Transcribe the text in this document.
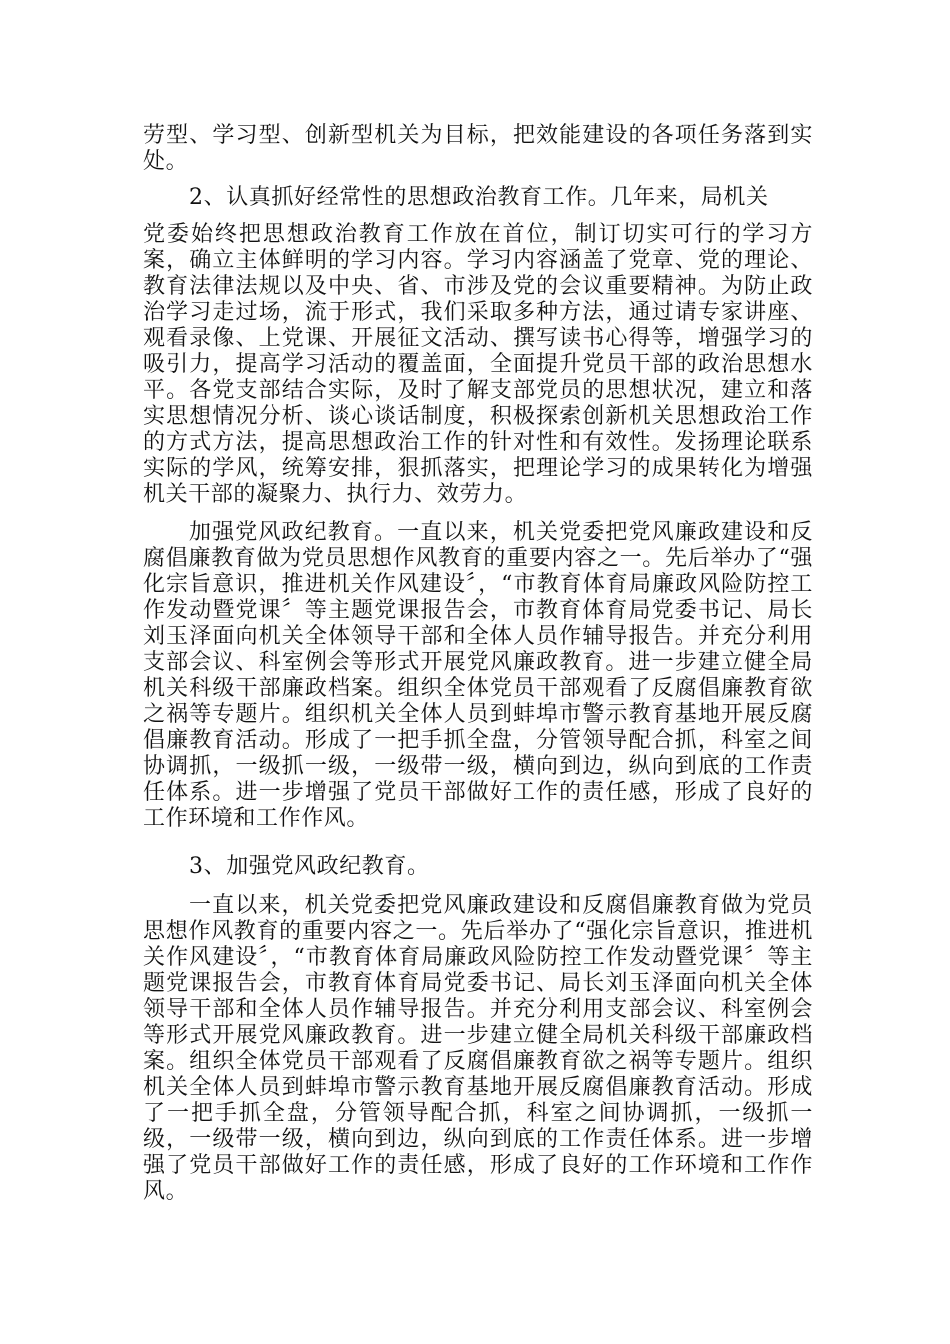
劳型、学习型、创新型机关为目标，把效能建设的各项任务落到实处。

2、认真抓好经常性的思想政治教育工作。几年来，局机关

党委始终把思想政治教育工作放在首位，制订切实可行的学习方案，确立主体鲜明的学习内容。学习内容涵盖了党章、党的理论、教育法律法规以及中央、省、市涉及党的会议重要精神。为防止政治学习走过场，流于形式，我们采取多种方法，通过请专家讲座、观看录像、上党课、开展征文活动、撰写读书心得等，增强学习的吸引力，提高学习活动的覆盖面，全面提升党员干部的政治思想水平。各党支部结合实际，及时了解支部党员的思想状况，建立和落实思想情况分析、谈心谈话制度，积极探索创新机关思想政治工作的方式方法，提高思想政治工作的针对性和有效性。发扬理论联系实际的学风，统筹安排，狠抓落实，把理论学习的成果转化为增强机关干部的凝聚力、执行力、效劳力。

加强党风政纪教育。一直以来，机关党委把党风廉政建设和反腐倡廉教育做为党员思想作风教育的重要内容之一。先后举办了“强化宗旨意识，推进机关作风建设〞，“市教育体育局廉政风险防控工作发动暨党课〞等主题党课报告会，市教育体育局党委书记、局长刘玉泽面向机关全体领导干部和全体人员作辅导报告。并充分利用支部会议、科室例会等形式开展党风廉政教育。进一步建立健全局机关科级干部廉政档案。组织全体党员干部观看了反腐倡廉教育欲之祸等专题片。组织机关全体人员到蚌埠市警示教育基地开展反腐倡廉教育活动。形成了一把手抓全盘，分管领导配合抓，科室之间协调抓，一级抓一级，一级带一级，横向到边，纵向到底的工作责任体系。进一步增强了党员干部做好工作的责任感，形成了良好的工作环境和工作作风。

3、加强党风政纪教育。

一直以来，机关党委把党风廉政建设和反腐倡廉教育做为党员思想作风教育的重要内容之一。先后举办了“强化宗旨意识，推进机关作风建设〞，“市教育体育局廉政风险防控工作发动暨党课〞等主题党课报告会，市教育体育局党委书记、局长刘玉泽面向机关全体领导干部和全体人员作辅导报告。并充分利用支部会议、科室例会等形式开展党风廉政教育。进一步建立健全局机关科级干部廉政档案。组织全体党员干部观看了反腐倡廉教育欲之祸等专题片。组织机关全体人员到蚌埠市警示教育基地开展反腐倡廉教育活动。形成了一把手抓全盘，分管领导配合抓，科室之间协调抓，一级抓一级，一级带一级，横向到边，纵向到底的工作责任体系。进一步增强了党员干部做好工作的责任感，形成了良好的工作环境和工作作风。
